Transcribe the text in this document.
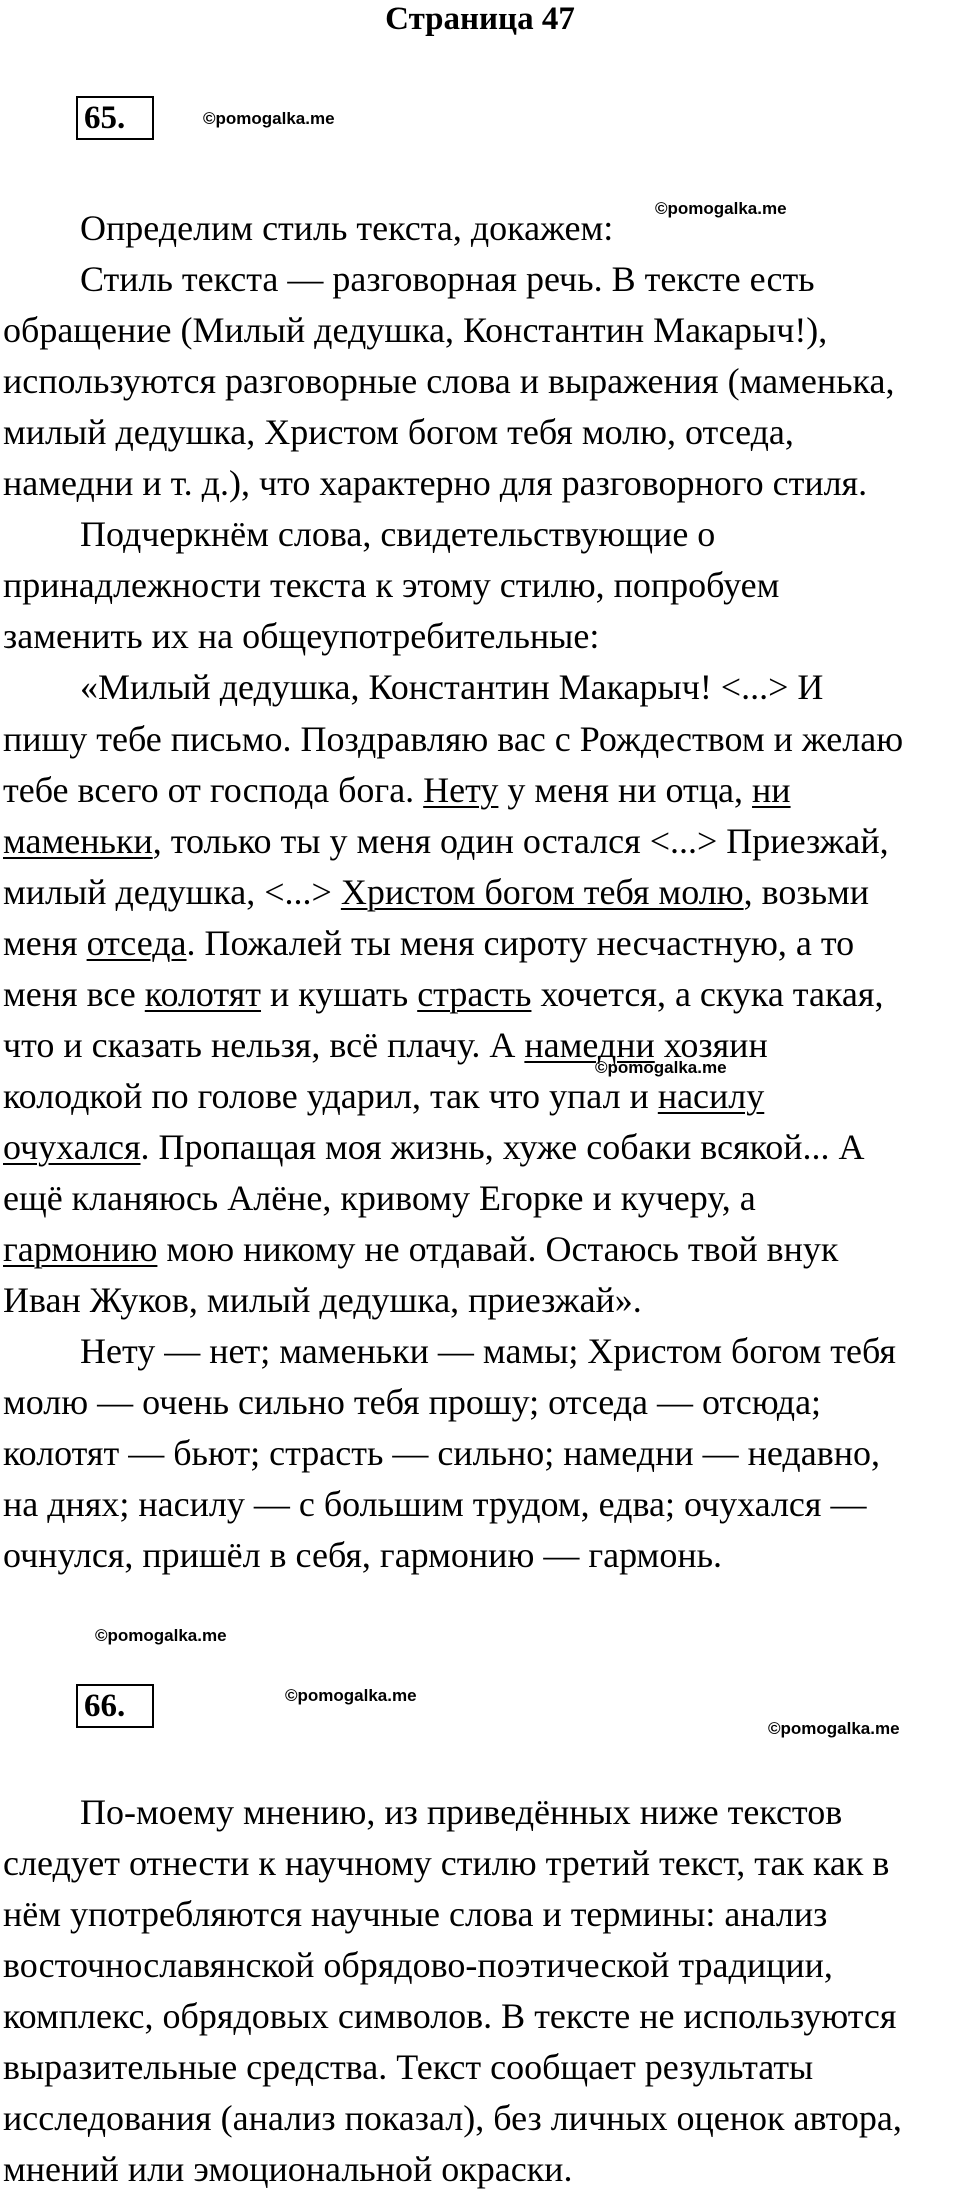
Страница 47
65.	©pomogalka.me
©pomogalka.me
Определим стиль текста, докажем:
Стиль текста — разговорная речь. В тексте есть
обращение (Милый дедушка, Константин Макарыч!),
используются разговорные слова и выражения (маменька,
милый дедушка, Христом богом тебя молю, отседа,
намедни и т. д.), что характерно для разговорного стиля.
Подчеркнём слова, свидетельствующие о
принадлежности текста к этому стилю, попробуем
заменить их на общеупотребительные:
«Милый дедушка, Константин Макарыч! <...> И
пишу тебе письмо. Поздравляю вас с Рождеством и желаю
тебе всего от господа бога. Нету у меня ни отца, ни
маменьки, только ты у меня один остался <...> Приезжай,
милый дедушка, <...> Христом богом тебя молю, возьми
меня отседа. Пожалей ты меня сироту несчастную, а то
меня все колотят и кушать страсть хочется, а скука такая,
что и сказать нельзя, всё плачу. А намедни хозяин
колодкой по голове ударил, так что упал и насилу
очухался. Пропащая моя жизнь, хуже собаки всякой... А
ещё кланяюсь Алёне, кривому Егорке и кучеру, а
гармонию мою никому не отдавай. Остаюсь твой внук
Иван Жуков, милый дедушка, приезжай».
Нету — нет; маменьки — мамы; Христом богом тебя
молю — очень сильно тебя прошу; отседа — отсюда;
колотят — бьют; страсть — сильно; намедни — недавно,
на днях; насилу — с большим трудом, едва; очухался —
очнулся, пришёл в себя, гармонию — гармонь.
©pomogalka.me
©pomogalka.me
66.	©pomogalka.me
©pomogalka.me
По-моему мнению, из приведённых ниже текстов
следует отнести к научному стилю третий текст, так как в
нём употребляются научные слова и термины: анализ
восточнославянской обрядово-поэтической традиции,
комплекс, обрядовых символов. В тексте не используются
выразительные средства. Текст сообщает результаты
исследования (анализ показал), без личных оценок автора,
мнений или эмоциональной окраски.
